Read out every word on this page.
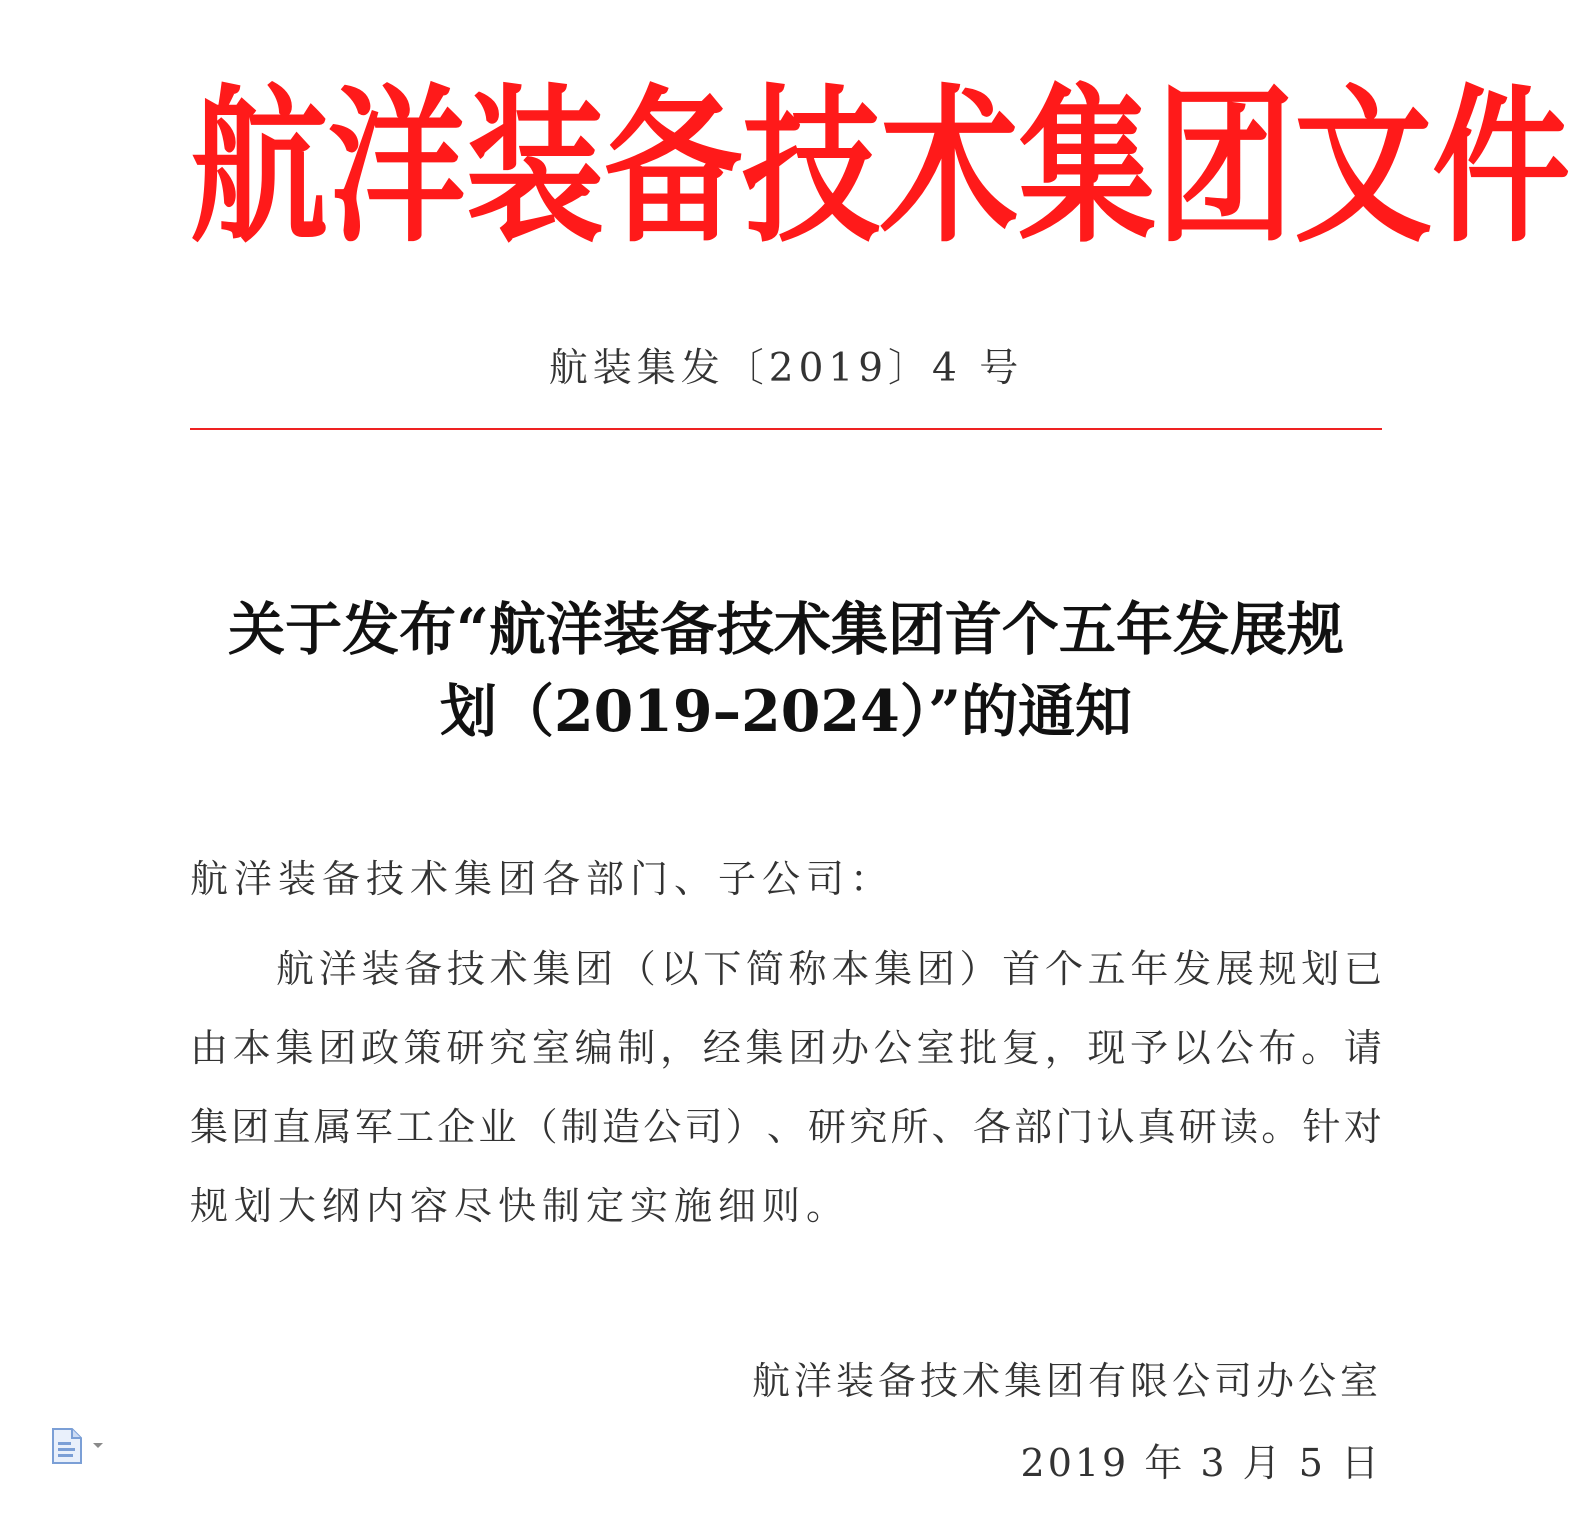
航 洋 装 备 技 术 集 团 文 件
航装集发〔2019〕4 号
关于发布“航洋装备技术集团首个五年发展规
划（2019–2024）”的通知
航洋装备技术集团各部门、子公司：
航 洋 装 备 技 术 集 团 （ 以 下 简 称 本 集 团 ） 首 个 五 年 发 展 规 划 已
由 本 集 团 政 策 研 究 室 编 制 ， 经 集 团 办 公 室 批 复 ， 现 予 以 公 布 。 请
集 团 直 属 军 工 企 业 （ 制 造 公 司 ） 、 研 究 所 、 各 部 门 认 真 研 读 。 针 对
规划大纲内容尽快制定实施细则。
航洋装备技术集团有限公司办公室
2019 年 3 月 5 日
